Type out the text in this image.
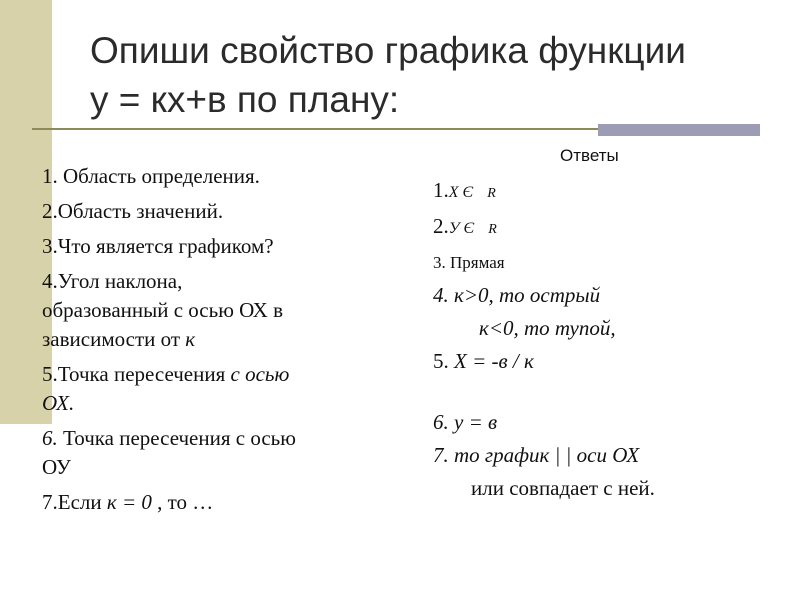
Опиши свойство графика функции
у = кх+в по плану:
1. Область определения.
2.Область значений.
3.Что является графиком?
4.Угол наклона,
образованный с осью ОХ в
зависимости от к
5.Точка пересечения с осью
ОХ.
6. Точка пересечения с осью
ОУ
7.Если к = 0 , то …
Ответы
1.Х Є R
2.У Є R
3. Прямая
4. к>0, то острый
к<0, то тупой,
5. Х = -в / к
6. у = в
7. то график | | оси ОХ
или совпадает с ней.
